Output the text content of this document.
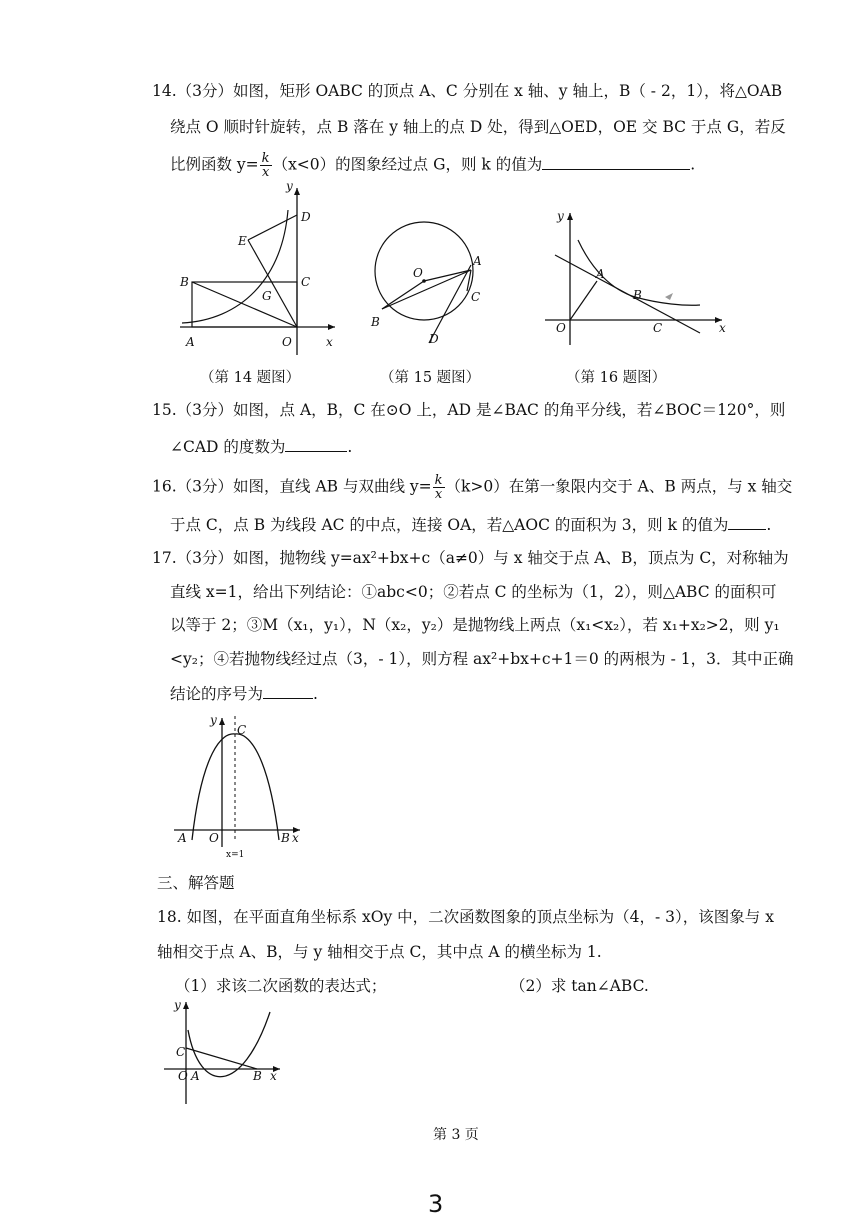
14.（3分）如图，矩形 OABC 的顶点 A、C 分别在 x 轴、y 轴上，B（ - 2，1），将△OAB
绕点 O 顺时针旋转，点 B 落在 y 轴上的点 D 处，得到△OED，OE 交 BC 于点 G，若反
比例函数 $y= \frac{k}{x} (x<0)$的图象经过点 G，则 k 的值为	.
y
D
E
B	C
G
A	O	x
O
A
C
B
D
y
A
B
O	C	x
（第 14 题图）	（第 15 题图）	（第 16 题图）
15.（3分）如图，点 A，B，C 在⊙O 上，AD 是∠BAC 的角平分线，若∠BOC＝120°，则
∠CAD 的度数为	.
16.（3分）如图，直线 AB 与双曲线 $y= \frac{k}{x} (k>0)$在第一象限内交于 A、B 两点，与 x 轴交
于点 C，点 B 为线段 AC 的中点，连接 OA，若△AOC 的面积为 3，则 k 的值为 .
17.（3分）如图，抛物线 y=ax²+bx+c（a≠0）与 x 轴交于点 A、B，顶点为 C，对称轴为
直线 x=1，给出下列结论：①abc<0；②若点 C 的坐标为（1，2），则△ABC 的面积可
以等于 2；③M（x₁，y₁），N（x₂，y₂）是抛物线上两点（x₁<x₂），若 x₁+x₂>2，则 y₁
<y₂；④若抛物线经过点（3，- 1），则方程 ax²+bx+c+1＝0 的两根为 - 1，3．其中正确
结论的序号为	.
y
C
A O	B x
x=1
三、解答题
18. 如图，在平面直角坐标系 xOy 中，二次函数图象的顶点坐标为（4，- 3），该图象与 x
轴相交于点 A、B，与 y 轴相交于点 C，其中点 A 的横坐标为 1.
（1）求该二次函数的表达式；	（2）求 tan∠ABC.
y
C
O A	B x
第 3 页
3
